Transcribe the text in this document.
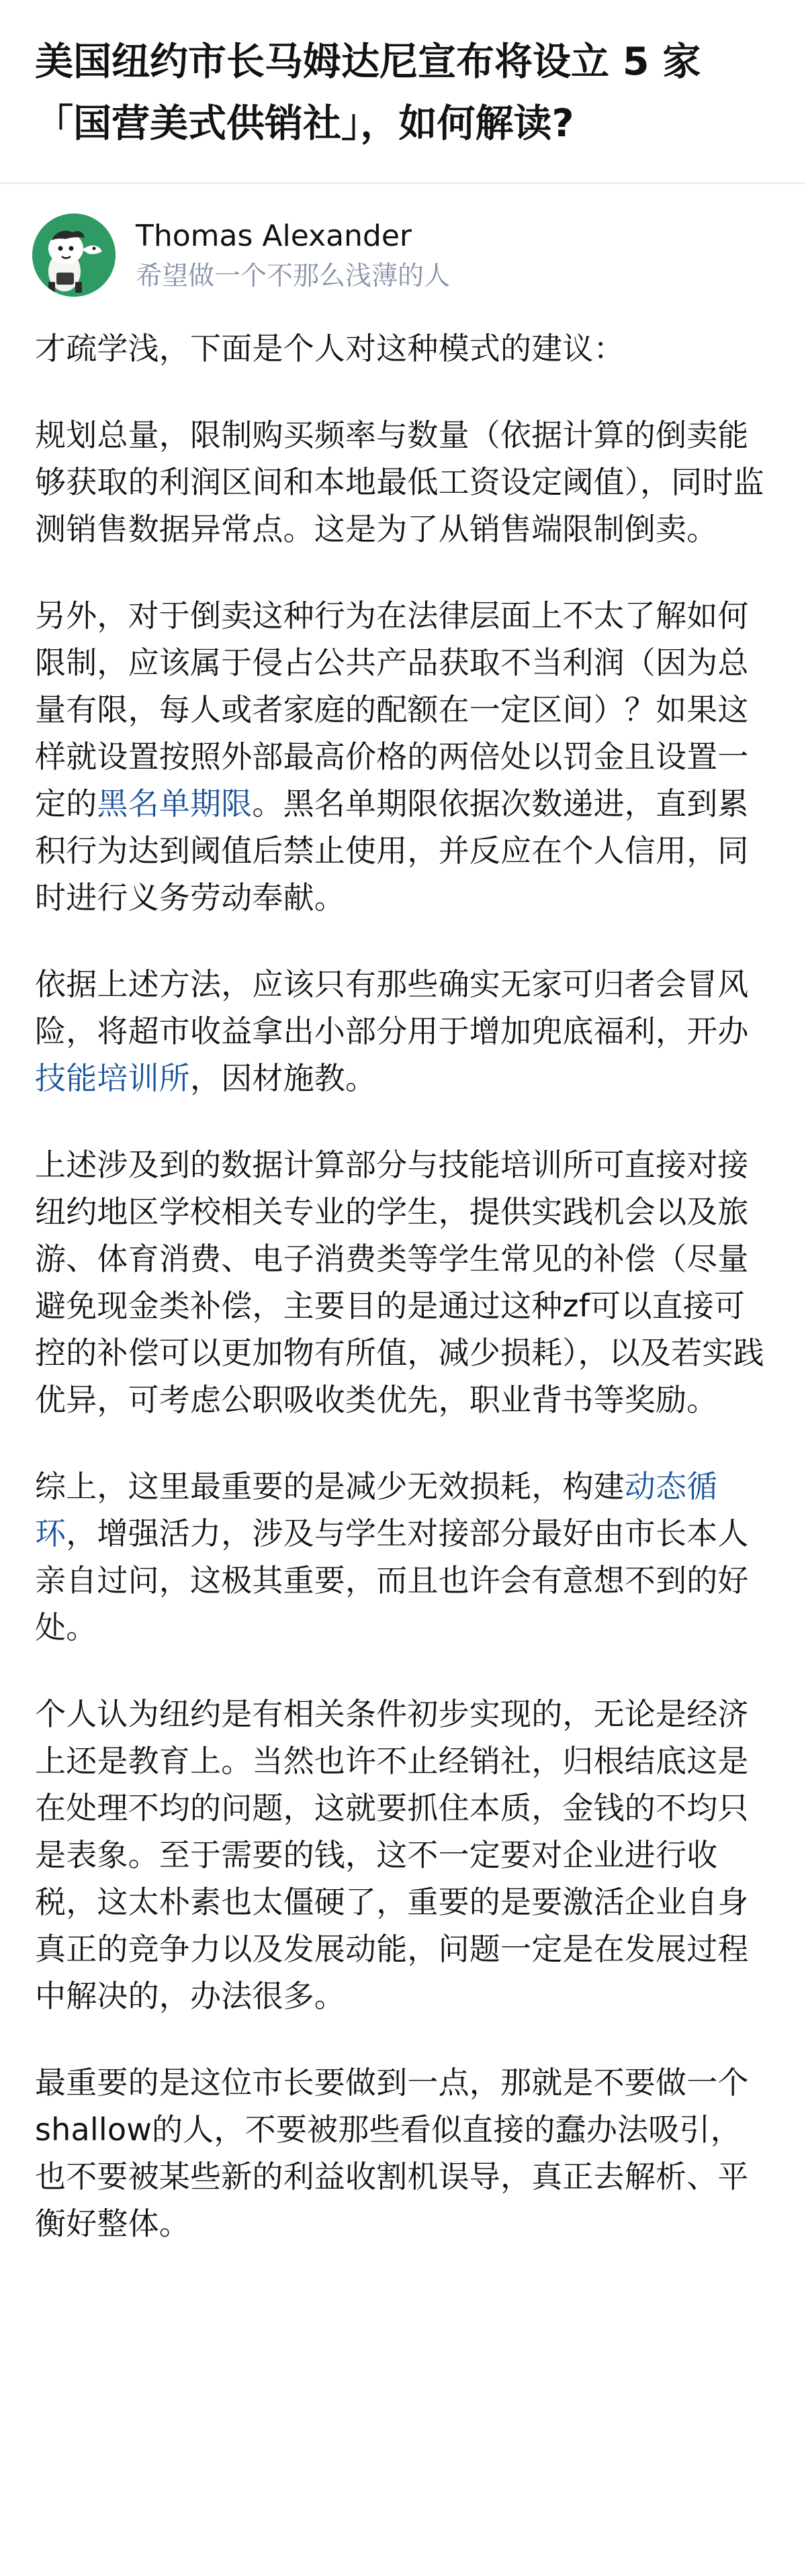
美国纽约市长马姆达尼宣布将设立 5 家「国营美式供销社」，如何解读?
Thomas Alexander
希望做一个不那么浅薄的人

才疏学浅，下面是个人对这种模式的建议：

规划总量，限制购买频率与数量（依据计算的倒卖能够获取的利润区间和本地最低工资设定阈值），同时监测销售数据异常点。这是为了从销售端限制倒卖。

另外，对于倒卖这种行为在法律层面上不太了解如何限制，应该属于侵占公共产品获取不当利润（因为总量有限，每人或者家庭的配额在一定区间）？如果这样就设置按照外部最高价格的两倍处以罚金且设置一定的黑名单期限。黑名单期限依据次数递进，直到累积行为达到阈值后禁止使用，并反应在个人信用，同时进行义务劳动奉献。

依据上述方法，应该只有那些确实无家可归者会冒风险，将超市收益拿出小部分用于增加兜底福利，开办技能培训所，因材施教。

上述涉及到的数据计算部分与技能培训所可直接对接纽约地区学校相关专业的学生，提供实践机会以及旅游、体育消费、电子消费类等学生常见的补偿（尽量避免现金类补偿，主要目的是通过这种zf可以直接可控的补偿可以更加物有所值，减少损耗），以及若实践优异，可考虑公职吸收类优先，职业背书等奖励。

综上，这里最重要的是减少无效损耗，构建动态循环，增强活力，涉及与学生对接部分最好由市长本人亲自过问，这极其重要，而且也许会有意想不到的好处。

个人认为纽约是有相关条件初步实现的，无论是经济上还是教育上。当然也许不止经销社，归根结底这是在处理不均的问题，这就要抓住本质，金钱的不均只是表象。至于需要的钱，这不一定要对企业进行收税，这太朴素也太僵硬了，重要的是要激活企业自身真正的竞争力以及发展动能，问题一定是在发展过程中解决的，办法很多。

最重要的是这位市长要做到一点，那就是不要做一个shallow的人，不要被那些看似直接的蠢办法吸引，也不要被某些新的利益收割机误导，真正去解析、平衡好整体。
